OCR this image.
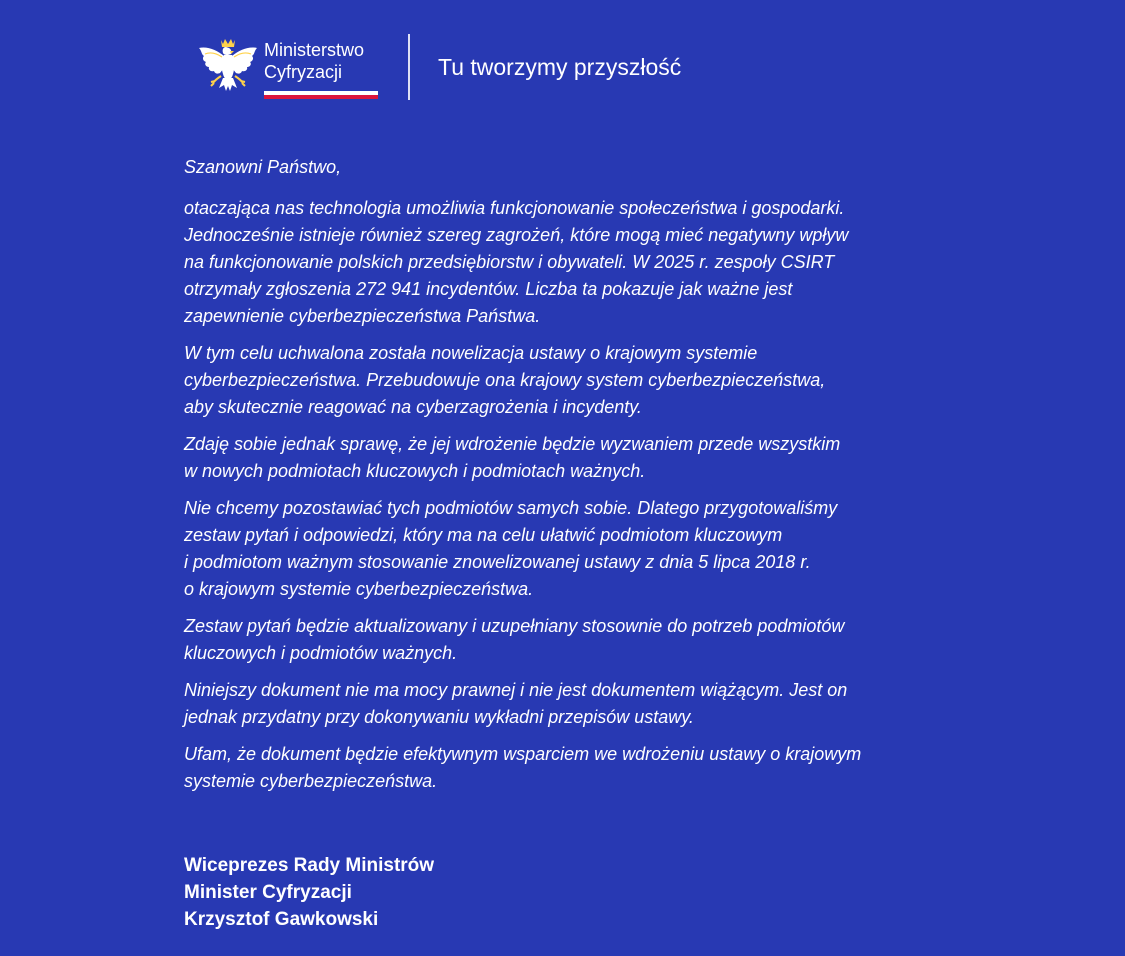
Ministerstwo
Cyfryzacji	Tu tworzymy przyszłość

Szanowni Państwo,

otaczająca nas technologia umożliwia funkcjonowanie społeczeństwa i gospodarki.
Jednocześnie istnieje również szereg zagrożeń, które mogą mieć negatywny wpływ
na funkcjonowanie polskich przedsiębiorstw i obywateli. W 2025 r. zespoły CSIRT
otrzymały zgłoszenia 272 941 incydentów. Liczba ta pokazuje jak ważne jest
zapewnienie cyberbezpieczeństwa Państwa.

W tym celu uchwalona została nowelizacja ustawy o krajowym systemie
cyberbezpieczeństwa. Przebudowuje ona krajowy system cyberbezpieczeństwa,
aby skutecznie reagować na cyberzagrożenia i incydenty.

Zdaję sobie jednak sprawę, że jej wdrożenie będzie wyzwaniem przede wszystkim
w nowych podmiotach kluczowych i podmiotach ważnych.

Nie chcemy pozostawiać tych podmiotów samych sobie. Dlatego przygotowaliśmy
zestaw pytań i odpowiedzi, który ma na celu ułatwić podmiotom kluczowym
i podmiotom ważnym stosowanie znowelizowanej ustawy z dnia 5 lipca 2018 r.
o krajowym systemie cyberbezpieczeństwa.

Zestaw pytań będzie aktualizowany i uzupełniany stosownie do potrzeb podmiotów
kluczowych i podmiotów ważnych.

Niniejszy dokument nie ma mocy prawnej i nie jest dokumentem wiążącym. Jest on
jednak przydatny przy dokonywaniu wykładni przepisów ustawy.

Ufam, że dokument będzie efektywnym wsparciem we wdrożeniu ustawy o krajowym
systemie cyberbezpieczeństwa.

Wiceprezes Rady Ministrów
Minister Cyfryzacji
Krzysztof Gawkowski
